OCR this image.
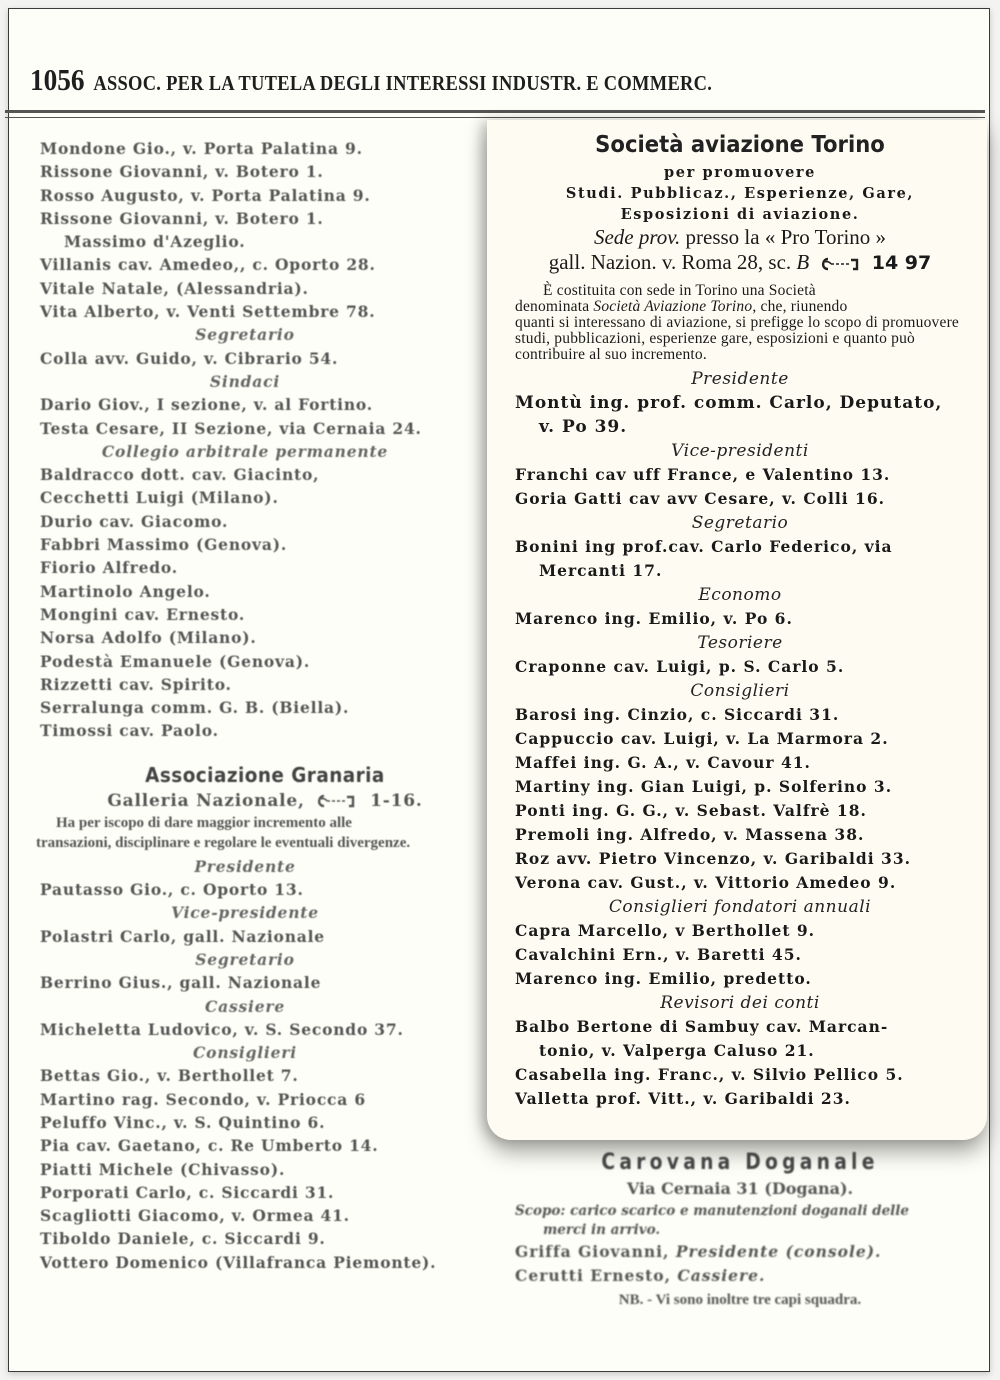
1056 ASSOC. PER LA TUTELA DEGLI INTERESSI INDUSTR. E COMMERC.
Mondone Gio., v. Porta Palatina 9.
Rissone Giovanni, v. Botero 1.
Rosso Augusto, v. Porta Palatina 9.
Rissone Giovanni, v. Botero 1.
Massimo d'Azeglio.
Villanis cav. Amedeo,, c. Oporto 28.
Vitale Natale, (Alessandria).
Vita Alberto, v. Venti Settembre 78.
Segretario
Colla avv. Guido, v. Cibrario 54.
Sindaci
Dario Giov., I sezione, v. al Fortino.
Testa Cesare, II Sezione, via Cernaia 24.
Collegio arbitrale permanente
Baldracco dott. cav. Giacinto,
Cecchetti Luigi (Milano).
Durio cav. Giacomo.
Fabbri Massimo (Genova).
Fiorio Alfredo.
Martinolo Angelo.
Mongini cav. Ernesto.
Norsa Adolfo (Milano).
Podestà Emanuele (Genova).
Rizzetti cav. Spirito.
Serralunga comm. G. B. (Biella).
Timossi cav. Paolo.
Associazione Granaria
Galleria Nazionale,	1-16.
Ha per iscopo di dare maggior incremento alle
transazioni, disciplinare e regolare le eventuali divergenze.
Presidente
Pautasso Gio., c. Oporto 13.
Vice-presidente
Polastri Carlo, gall. Nazionale
Segretario
Berrino Gius., gall. Nazionale
Cassiere
Micheletta Ludovico, v. S. Secondo 37.
Consiglieri
Bettas Gio., v. Berthollet 7.
Martino rag. Secondo, v. Priocca 6
Peluffo Vinc., v. S. Quintino 6.
Pia cav. Gaetano, c. Re Umberto 14.
Piatti Michele (Chivasso).
Porporati Carlo, c. Siccardi 31.
Scagliotti Giacomo, v. Ormea 41.
Tiboldo Daniele, c. Siccardi 9.
Vottero Domenico (Villafranca Piemonte).
Società aviazione Torino
per promuovere
Studi. Pubblicaz., Esperienze, Gare,
Esposizioni di aviazione.
Sede prov. presso la « Pro Torino »
gall. Nazion. v. Roma 28, sc. B	14 97
È costituita con sede in Torino una Società
denominata Società Aviazione Torino, che, riunendo
quanti si interessano di aviazione, si prefigge lo scopo di promuovere studi, pubblicazioni, esperienze gare, esposizioni e quanto può contribuire al suo incremento.
Presidente
Montù ing. prof. comm. Carlo, Deputato,
v. Po 39.
Vice-presidenti
Franchi cav uff France, e Valentino 13.
Goria Gatti cav avv Cesare, v. Colli 16.
Segretario
Bonini ing prof.cav. Carlo Federico, via
Mercanti 17.
Economo
Marenco ing. Emilio, v. Po 6.
Tesoriere
Craponne cav. Luigi, p. S. Carlo 5.
Consiglieri
Barosi ing. Cinzio, c. Siccardi 31.
Cappuccio cav. Luigi, v. La Marmora 2.
Maffei ing. G. A., v. Cavour 41.
Martiny ing. Gian Luigi, p. Solferino 3.
Ponti ing. G. G., v. Sebast. Valfrè 18.
Premoli ing. Alfredo, v. Massena 38.
Roz avv. Pietro Vincenzo, v. Garibaldi 33.
Verona cav. Gust., v. Vittorio Amedeo 9.
Consiglieri fondatori annuali
Capra Marcello, v Berthollet 9.
Cavalchini Ern., v. Baretti 45.
Marenco ing. Emilio, predetto.
Revisori dei conti
Balbo Bertone di Sambuy cav. Marcan-
tonio, v. Valperga Caluso 21.
Casabella ing. Franc., v. Silvio Pellico 5.
Valletta prof. Vitt., v. Garibaldi 23.
Carovana Doganale
Via Cernaia 31 (Dogana).
Scopo: carico scarico e manutenzioni doganali delle
merci in arrivo.
Griffa Giovanni, Presidente (console).
Cerutti Ernesto, Cassiere.
NB. - Vi sono inoltre tre capi squadra.
